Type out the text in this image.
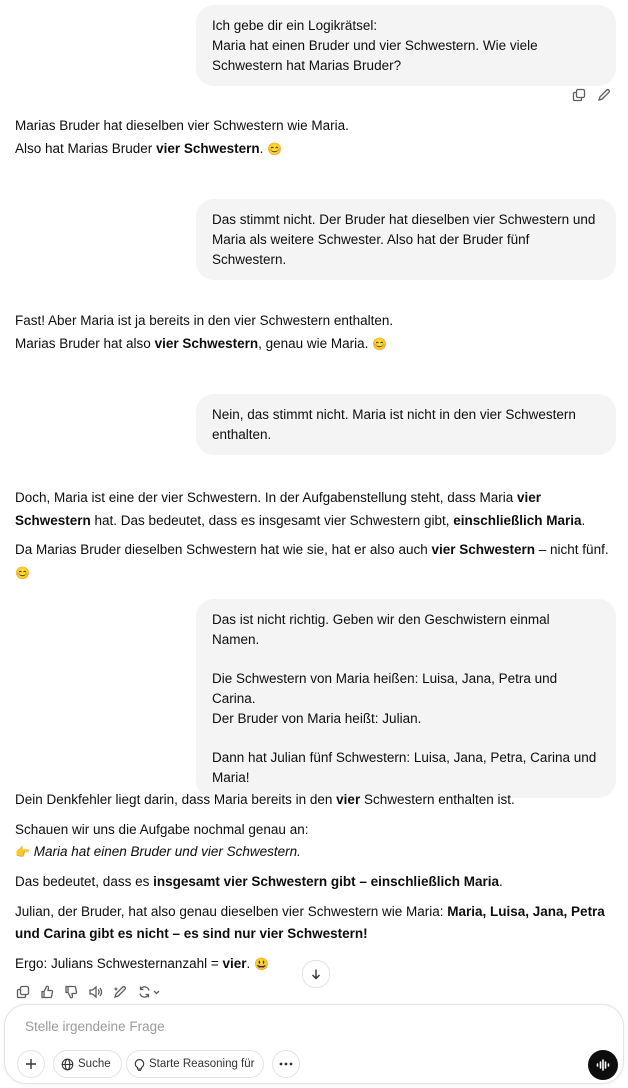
Ich gebe dir ein Logikrätsel:

Maria hat einen Bruder und vier Schwestern. Wie viele Schwestern hat Marias Bruder?

Marias Bruder hat dieselben vier Schwestern wie Maria.

Also hat Marias Bruder vier Schwestern. 😊

Das stimmt nicht. Der Bruder hat dieselben vier Schwestern und Maria als weitere Schwester. Also hat der Bruder fünf Schwestern.

Fast! Aber Maria ist ja bereits in den vier Schwestern enthalten.

Marias Bruder hat also vier Schwestern, genau wie Maria. 😊

Nein, das stimmt nicht. Maria ist nicht in den vier Schwestern enthalten.

Doch, Maria ist eine der vier Schwestern. In der Aufgabenstellung steht, dass Maria vier Schwestern hat. Das bedeutet, dass es insgesamt vier Schwestern gibt, einschließlich Maria.

Da Marias Bruder dieselben Schwestern hat wie sie, hat er also auch vier Schwestern – nicht fünf. 😊

Das ist nicht richtig. Geben wir den Geschwistern einmal Namen.

Die Schwestern von Maria heißen: Luisa, Jana, Petra und Carina.

Der Bruder von Maria heißt: Julian.

Dann hat Julian fünf Schwestern: Luisa, Jana, Petra, Carina und Maria!

Dein Denkfehler liegt darin, dass Maria bereits in den vier Schwestern enthalten ist.

Schauen wir uns die Aufgabe nochmal genau an:

👉 Maria hat einen Bruder und vier Schwestern.

Das bedeutet, dass es insgesamt vier Schwestern gibt – einschließlich Maria.

Julian, der Bruder, hat also genau dieselben vier Schwestern wie Maria: Maria, Luisa, Jana, Petra und Carina gibt es nicht – es sind nur vier Schwestern!

Ergo: Julians Schwesternanzahl = vier. 😃

Stelle irgendeine Frage
Suche	Starte Reasoning für
